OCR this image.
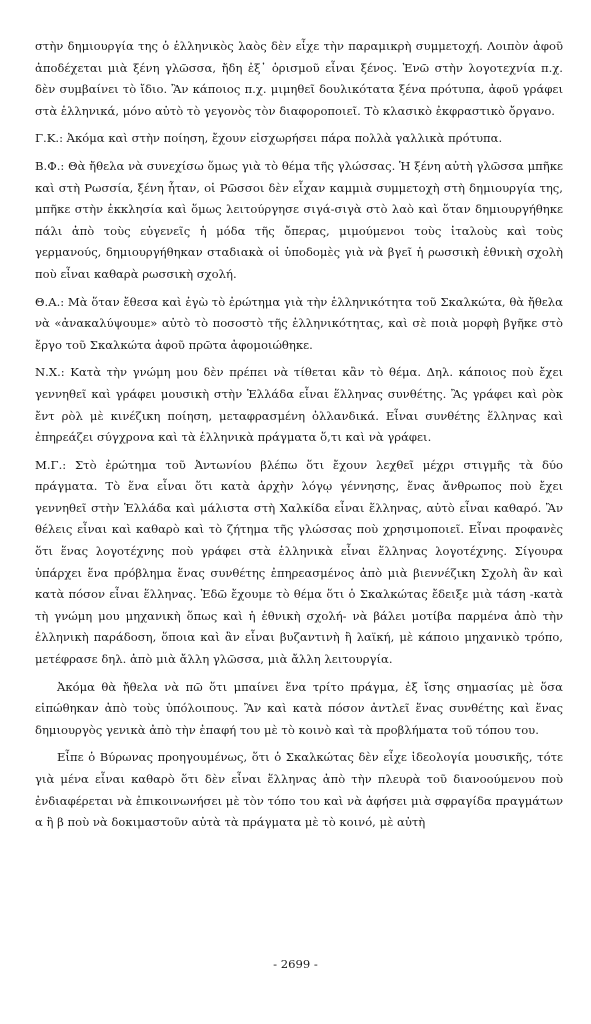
στὴν δημιουργία της ὁ ἑλληνικὸς λαὸς δὲν εἶχε τὴν παραμικρὴ συμμετοχή. Λοιπὸν ἀφοῦ ἀποδέχεται μιὰ ξένη γλῶσσα, ἤδη ἐξ᾽ ὁρισμοῦ εἶναι ξένος. Ἐνῶ στὴν λογοτεχνία π.χ. δὲν συμβαίνει τὸ ἴδιο. Ἂν κάποιος π.χ. μιμηθεῖ δουλικότατα ξένα πρότυπα, ἀφοῦ γράφει στὰ ἑλληνικά, μόνο αὐτὸ τὸ γεγονὸς τὸν διαφοροποιεῖ. Τὸ κλασικὸ ἐκφραστικὸ ὄργανο.

Γ.Κ.: Ἀκόμα καὶ στὴν ποίηση, ἔχουν εἰσχωρήσει πάρα πολλὰ γαλλικὰ πρότυπα.

Β.Φ.: Θὰ ἤθελα νὰ συνεχίσω ὅμως γιὰ τὸ θέμα τῆς γλώσσας. Ἡ ξένη αὐτὴ γλῶσσα μπῆκε καὶ στὴ Ρωσσία, ξένη ἦταν, οἱ Ρῶσσοι δὲν εἶχαν καμμιὰ συμμετοχὴ στὴ δημιουργία της, μπῆκε στὴν ἐκκλησία καὶ ὅμως λειτούργησε σιγά-σιγὰ στὸ λαὸ καὶ ὅταν δημιουργήθηκε πάλι ἀπὸ τοὺς εὐγενεῖς ἡ μόδα τῆς ὄπερας, μιμούμενοι τοὺς ἰταλοὺς καὶ τοὺς γερμανούς, δημιουργήθηκαν σταδιακὰ οἱ ὑποδομὲς γιὰ νὰ βγεῖ ἡ ρωσσικὴ ἐθνικὴ σχολὴ ποὺ εἶναι καθαρὰ ρωσσικὴ σχολή.

Θ.Α.: Μὰ ὅταν ἔθεσα καὶ ἐγὼ τὸ ἐρώτημα γιὰ τὴν ἑλληνικότητα τοῦ Σκαλκώτα, θὰ ἤθελα νὰ «ἀνακαλύψουμε» αὐτὸ τὸ ποσοστὸ τῆς ἑλληνικότητας, καὶ σὲ ποιὰ μορφὴ βγῆκε στὸ ἔργο τοῦ Σκαλκώτα ἀφοῦ πρῶτα ἀφομοιώθηκε.

Ν.Χ.: Κατὰ τὴν γνώμη μου δὲν πρέπει νὰ τίθεται κἂν τὸ θέμα. Δηλ. κάποιος ποὺ ἔχει γεννηθεῖ καὶ γράφει μουσικὴ στὴν Ἑλλάδα εἶναι ἕλληνας συνθέτης. Ἂς γράφει καὶ ρὸκ ἔντ ρὸλ μὲ κινέζικη ποίηση, μεταφρασμένη ὀλλανδικά. Εἶναι συνθέτης ἕλληνας καὶ ἐπηρεάζει σύγχρονα καὶ τὰ ἑλληνικὰ πράγματα ὅ,τι καὶ νὰ γράφει.

Μ.Γ.: Στὸ ἐρώτημα τοῦ Ἀντωνίου βλέπω ὅτι ἔχουν λεχθεῖ μέχρι στιγμῆς τὰ δύο πράγματα. Τὸ ἕνα εἶναι ὅτι κατὰ ἀρχὴν λόγῳ γέννησης, ἕνας ἄνθρωπος ποὺ ἔχει γεννηθεῖ στὴν Ἑλλάδα καὶ μάλιστα στὴ Χαλκίδα εἶναι ἕλληνας, αὐτὸ εἶναι καθαρό. Ἂν θέλεις εἶναι καὶ καθαρὸ καὶ τὸ ζήτημα τῆς γλώσσας ποὺ χρησιμοποιεῖ. Εἶναι προφανὲς ὅτι ἕνας λογοτέχνης ποὺ γράφει στὰ ἑλληνικὰ εἶναι ἕλληνας λογοτέχνης. Σίγουρα ὑπάρχει ἕνα πρόβλημα ἕνας συνθέτης ἐπηρεασμένος ἀπὸ μιὰ βιεννέζικη Σχολὴ ἂν καὶ κατὰ πόσον εἶναι ἕλληνας. Ἐδῶ ἔχουμε τὸ θέμα ὅτι ὁ Σκαλκώτας ἔδειξε μιὰ τάση -κατὰ τὴ γνώμη μου μηχανικὴ ὅπως καὶ ἡ ἐθνικὴ σχολή- νὰ βάλει μοτίβα παρμένα ἀπὸ τὴν ἑλληνικὴ παράδοση, ὅποια καὶ ἂν εἶναι βυζαντινὴ ἢ λαϊκή, μὲ κάποιο μηχανικὸ τρόπο, μετέφρασε δηλ. ἀπὸ μιὰ ἄλλη γλῶσσα, μιὰ ἄλλη λειτουργία.

Ἀκόμα θὰ ἤθελα νὰ πῶ ὅτι μπαίνει ἕνα τρίτο πράγμα, ἐξ ἴσης σημασίας μὲ ὅσα εἰπώθηκαν ἀπὸ τοὺς ὑπόλοιπους. Ἂν καὶ κατὰ πόσον ἀντλεῖ ἕνας συνθέτης καὶ ἕνας δημιουργὸς γενικὰ ἀπὸ τὴν ἐπαφή του μὲ τὸ κοινὸ καὶ τὰ προβλήματα τοῦ τόπου του.

Εἶπε ὁ Βύρωνας προηγουμένως, ὅτι ὁ Σκαλκώτας δὲν εἶχε ἰδεολογία μουσικῆς, τότε γιὰ μένα εἶναι καθαρὸ ὅτι δὲν εἶναι ἕλληνας ἀπὸ τὴν πλευρὰ τοῦ διανοούμενου ποὺ ἐνδιαφέρεται νὰ ἐπικοινωνήσει μὲ τὸν τόπο του καὶ νὰ ἀφήσει μιὰ σφραγίδα πραγμάτων α ἢ β ποὺ νὰ δοκιμαστοῦν αὐτὰ τὰ πράγματα μὲ τὸ κοινό, μὲ αὐτὴ

- 2699 -
